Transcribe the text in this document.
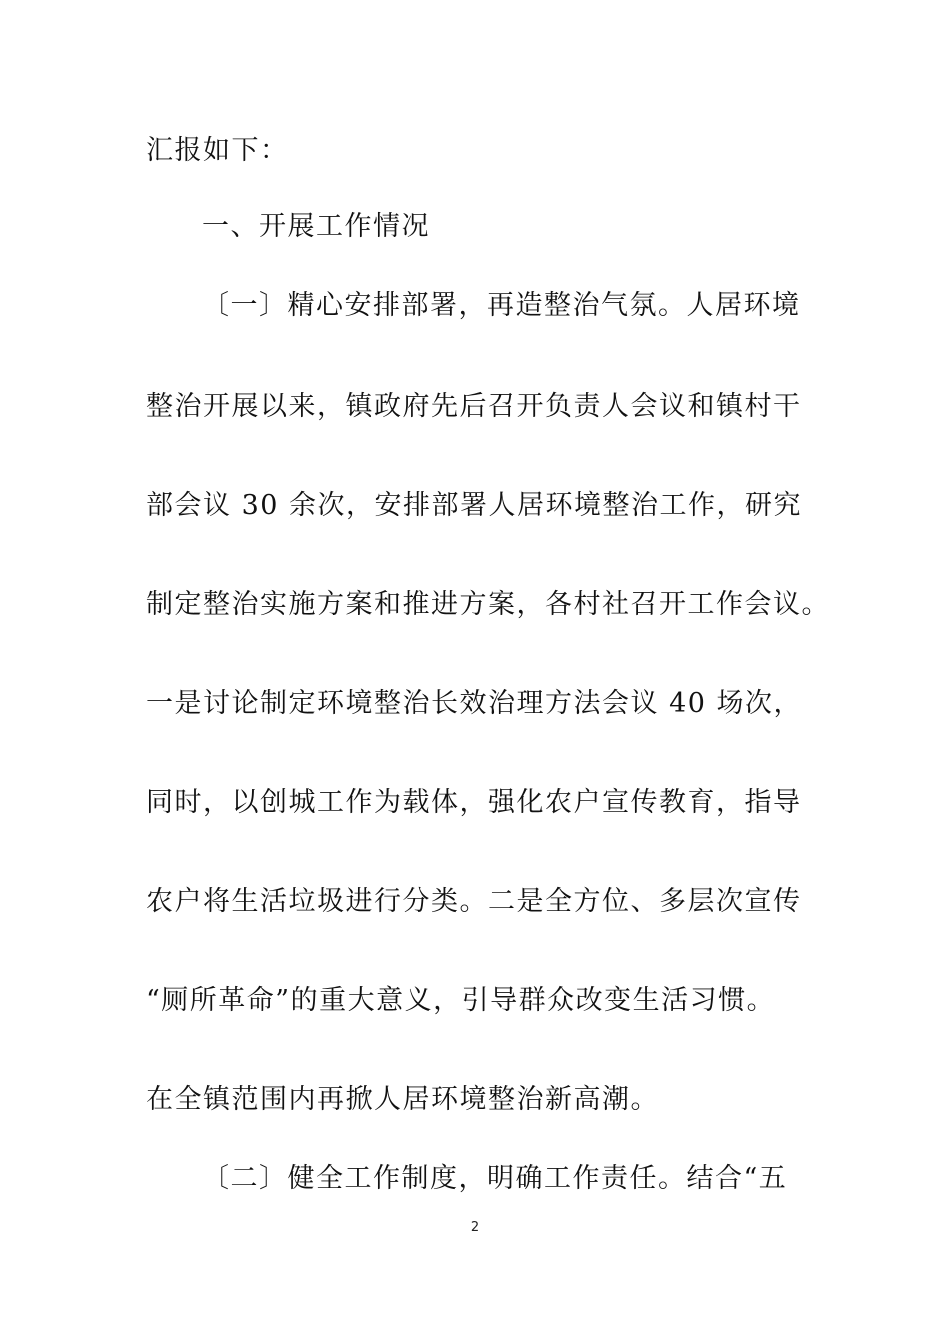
汇报如下：
一、开展工作情况
〔一〕精心安排部署，再造整治气氛。人居环境
整治开展以来，镇政府先后召开负责人会议和镇村干
部会议 30 余次，安排部署人居环境整治工作，研究
制定整治实施方案和推进方案，各村社召开工作会议。
一是讨论制定环境整治长效治理方法会议 40 场次，
同时，以创城工作为载体，强化农户宣传教育，指导
农户将生活垃圾进行分类。二是全方位、多层次宣传
“厕所革命”的重大意义，引导群众改变生活习惯。
在全镇范围内再掀人居环境整治新高潮。
〔二〕健全工作制度，明确工作责任。结合“五
2
